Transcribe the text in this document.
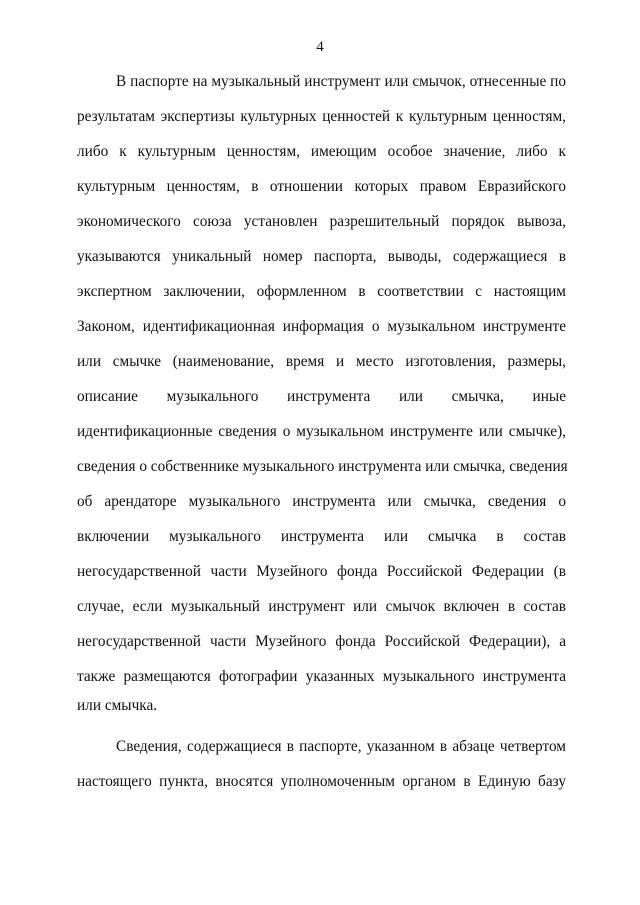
4
В паспорте на музыкальный инструмент или смычок, отнесенные по
результатам экспертизы культурных ценностей к культурным ценностям,
либо к культурным ценностям, имеющим особое значение, либо к
культурным ценностям, в отношении которых правом Евразийского
экономического союза установлен разрешительный порядок вывоза,
указываются уникальный номер паспорта, выводы, содержащиеся в
экспертном заключении, оформленном в соответствии с настоящим
Законом, идентификационная информация о музыкальном инструменте
или смычке (наименование, время и место изготовления, размеры,
описание музыкального инструмента или смычка, иные
идентификационные сведения о музыкальном инструменте или смычке),
сведения о собственнике музыкального инструмента или смычка, сведения
об арендаторе музыкального инструмента или смычка, сведения о
включении музыкального инструмента или смычка в состав
негосударственной части Музейного фонда Российской Федерации (в
случае, если музыкальный инструмент или смычок включен в состав
негосударственной части Музейного фонда Российской Федерации), а
также размещаются фотографии указанных музыкального инструмента
или смычка.
Сведения, содержащиеся в паспорте, указанном в абзаце четвертом
настоящего пункта, вносятся уполномоченным органом в Единую базу
